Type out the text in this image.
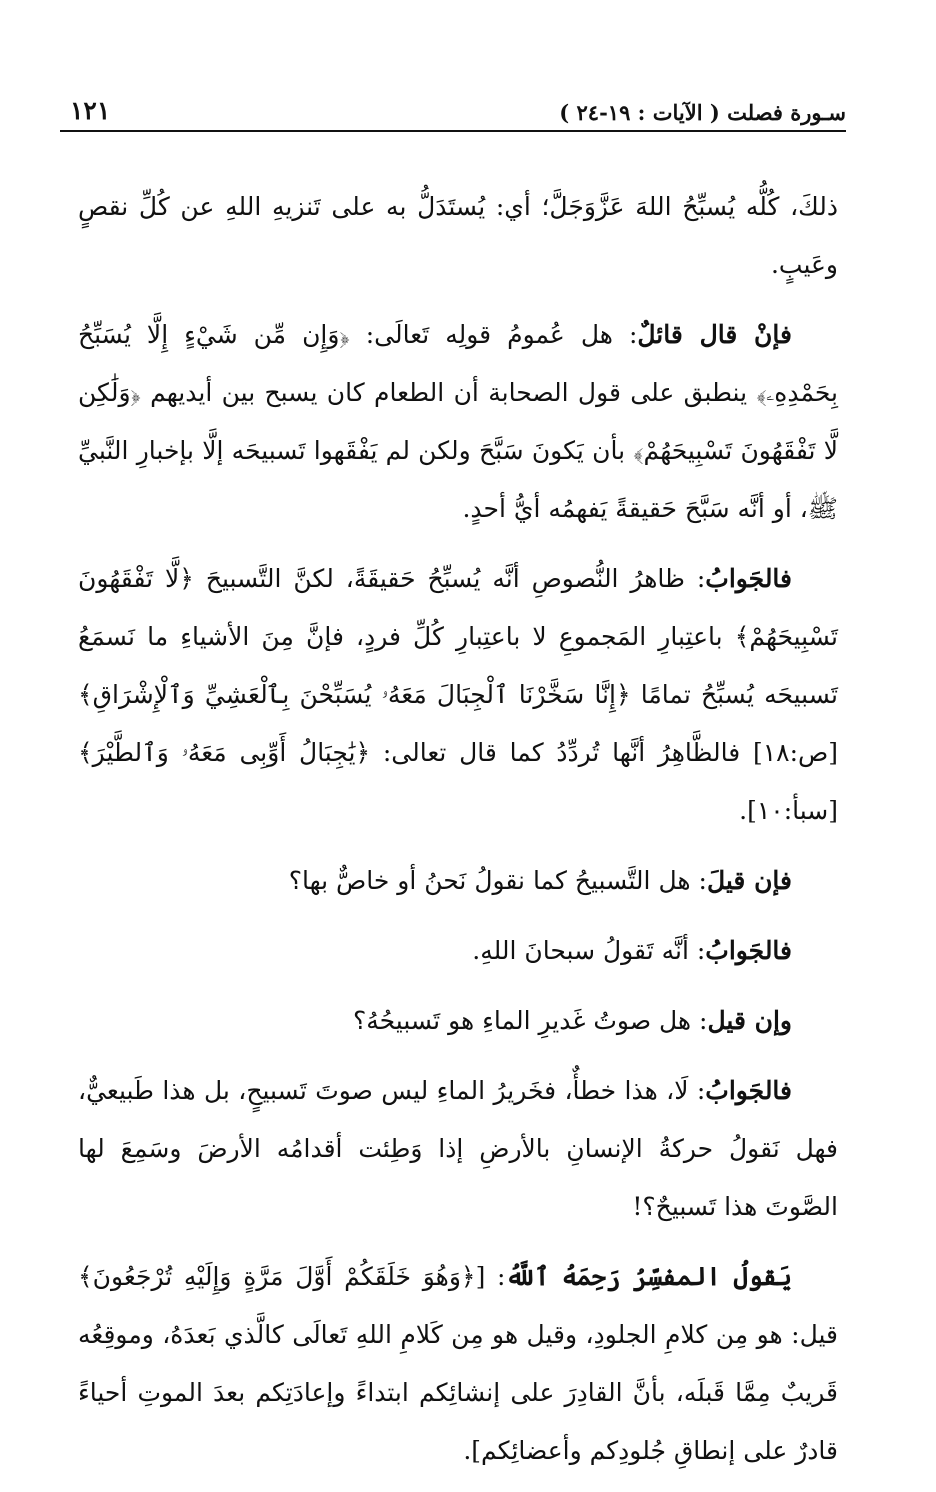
سـورة فصلت ( الآيات : ١٩-٢٤ )
١٢١

ذلكَ، كُلُّه يُسبِّحُ اللهَ عَزَّوَجَلَّ؛ أي: يُستَدَلُّ به على تَنزيهِ اللهِ عن كُلِّ نقصٍ وعَيبٍ.

فإنْ قال قائلٌ: هل عُمومُ قولِه تَعالَى: ﴿وَإِن مِّن شَيْءٍ إِلَّا يُسَبِّحُ بِحَمْدِهِۦ﴾ ينطبق على قول الصحابة أن الطعام كان يسبح بين أيديهم ﴿وَلَٰكِن لَّا تَفْقَهُونَ تَسْبِيحَهُمْ﴾ بأن يَكونَ سَبَّحَ ولكن لم يَفْقَهوا تَسبيحَه إلَّا بإخبارِ النَّبيِّ ﷺ، أو أنَّه سَبَّحَ حَقيقةً يَفهمُه أيُّ أحدٍ.

فالجَوابُ: ظاهرُ النُّصوصِ أنَّه يُسبِّحُ حَقيقَةً، لكنَّ التَّسبيحَ ﴿لَّا تَفْقَهُونَ تَسْبِيحَهُمْ﴾ باعتِبارِ المَجموعِ لا باعتِبارِ كُلِّ فردٍ، فإنَّ مِنَ الأشياءِ ما نَسمَعُ تَسبيحَه يُسبِّحُ تمامًا ﴿إِنَّا سَخَّرْنَا ٱلْجِبَالَ مَعَهُۥ يُسَبِّحْنَ بِٱلْعَشِيِّ وَٱلْإِشْرَاقِ﴾ [ص:١٨] فالظَّاهِرُ أنَّها تُردِّدُ كما قال تعالى: ﴿يَٰجِبَالُ أَوِّبِى مَعَهُۥ وَٱلطَّيْرَ﴾ [سبأ:١٠].

فإن قيلَ: هل التَّسبيحُ كما نقولُ نَحنُ أو خاصٌّ بها؟

فالجَوابُ: أنَّه تَقولُ سبحانَ اللهِ.

وإن قيل: هل صوتُ غَديرِ الماءِ هو تَسبيحُهُ؟

فالجَوابُ: لَا، هذا خطأٌ، فخَريرُ الماءِ ليس صوتَ تَسبيحٍ، بل هذا طَبيعيٌّ، فهل نَقولُ حركةُ الإنسانِ بالأرضِ إذا وَطِئت أقدامُه الأرضَ وسَمِعَ لها الصَّوتَ هذا تَسبيحٌ؟!

يَقولُ المفسِّرُ رَحِمَهُ ٱللَّهُ: [﴿وَهُوَ خَلَقَكُمْ أَوَّلَ مَرَّةٍ وَإِلَيْهِ تُرْجَعُونَ﴾ قيل: هو مِن كلامِ الجلودِ، وقيل هو مِن كَلامِ اللهِ تَعالَى كالَّذي بَعدَهُ، وموقِعُه قَريبٌ مِمَّا قَبلَه، بأنَّ القادِرَ على إنشائِكم ابتداءً وإعادَتِكم بعدَ الموتِ أحياءً قادرٌ على إنطاقِ جُلودِكم وأعضائِكم].
